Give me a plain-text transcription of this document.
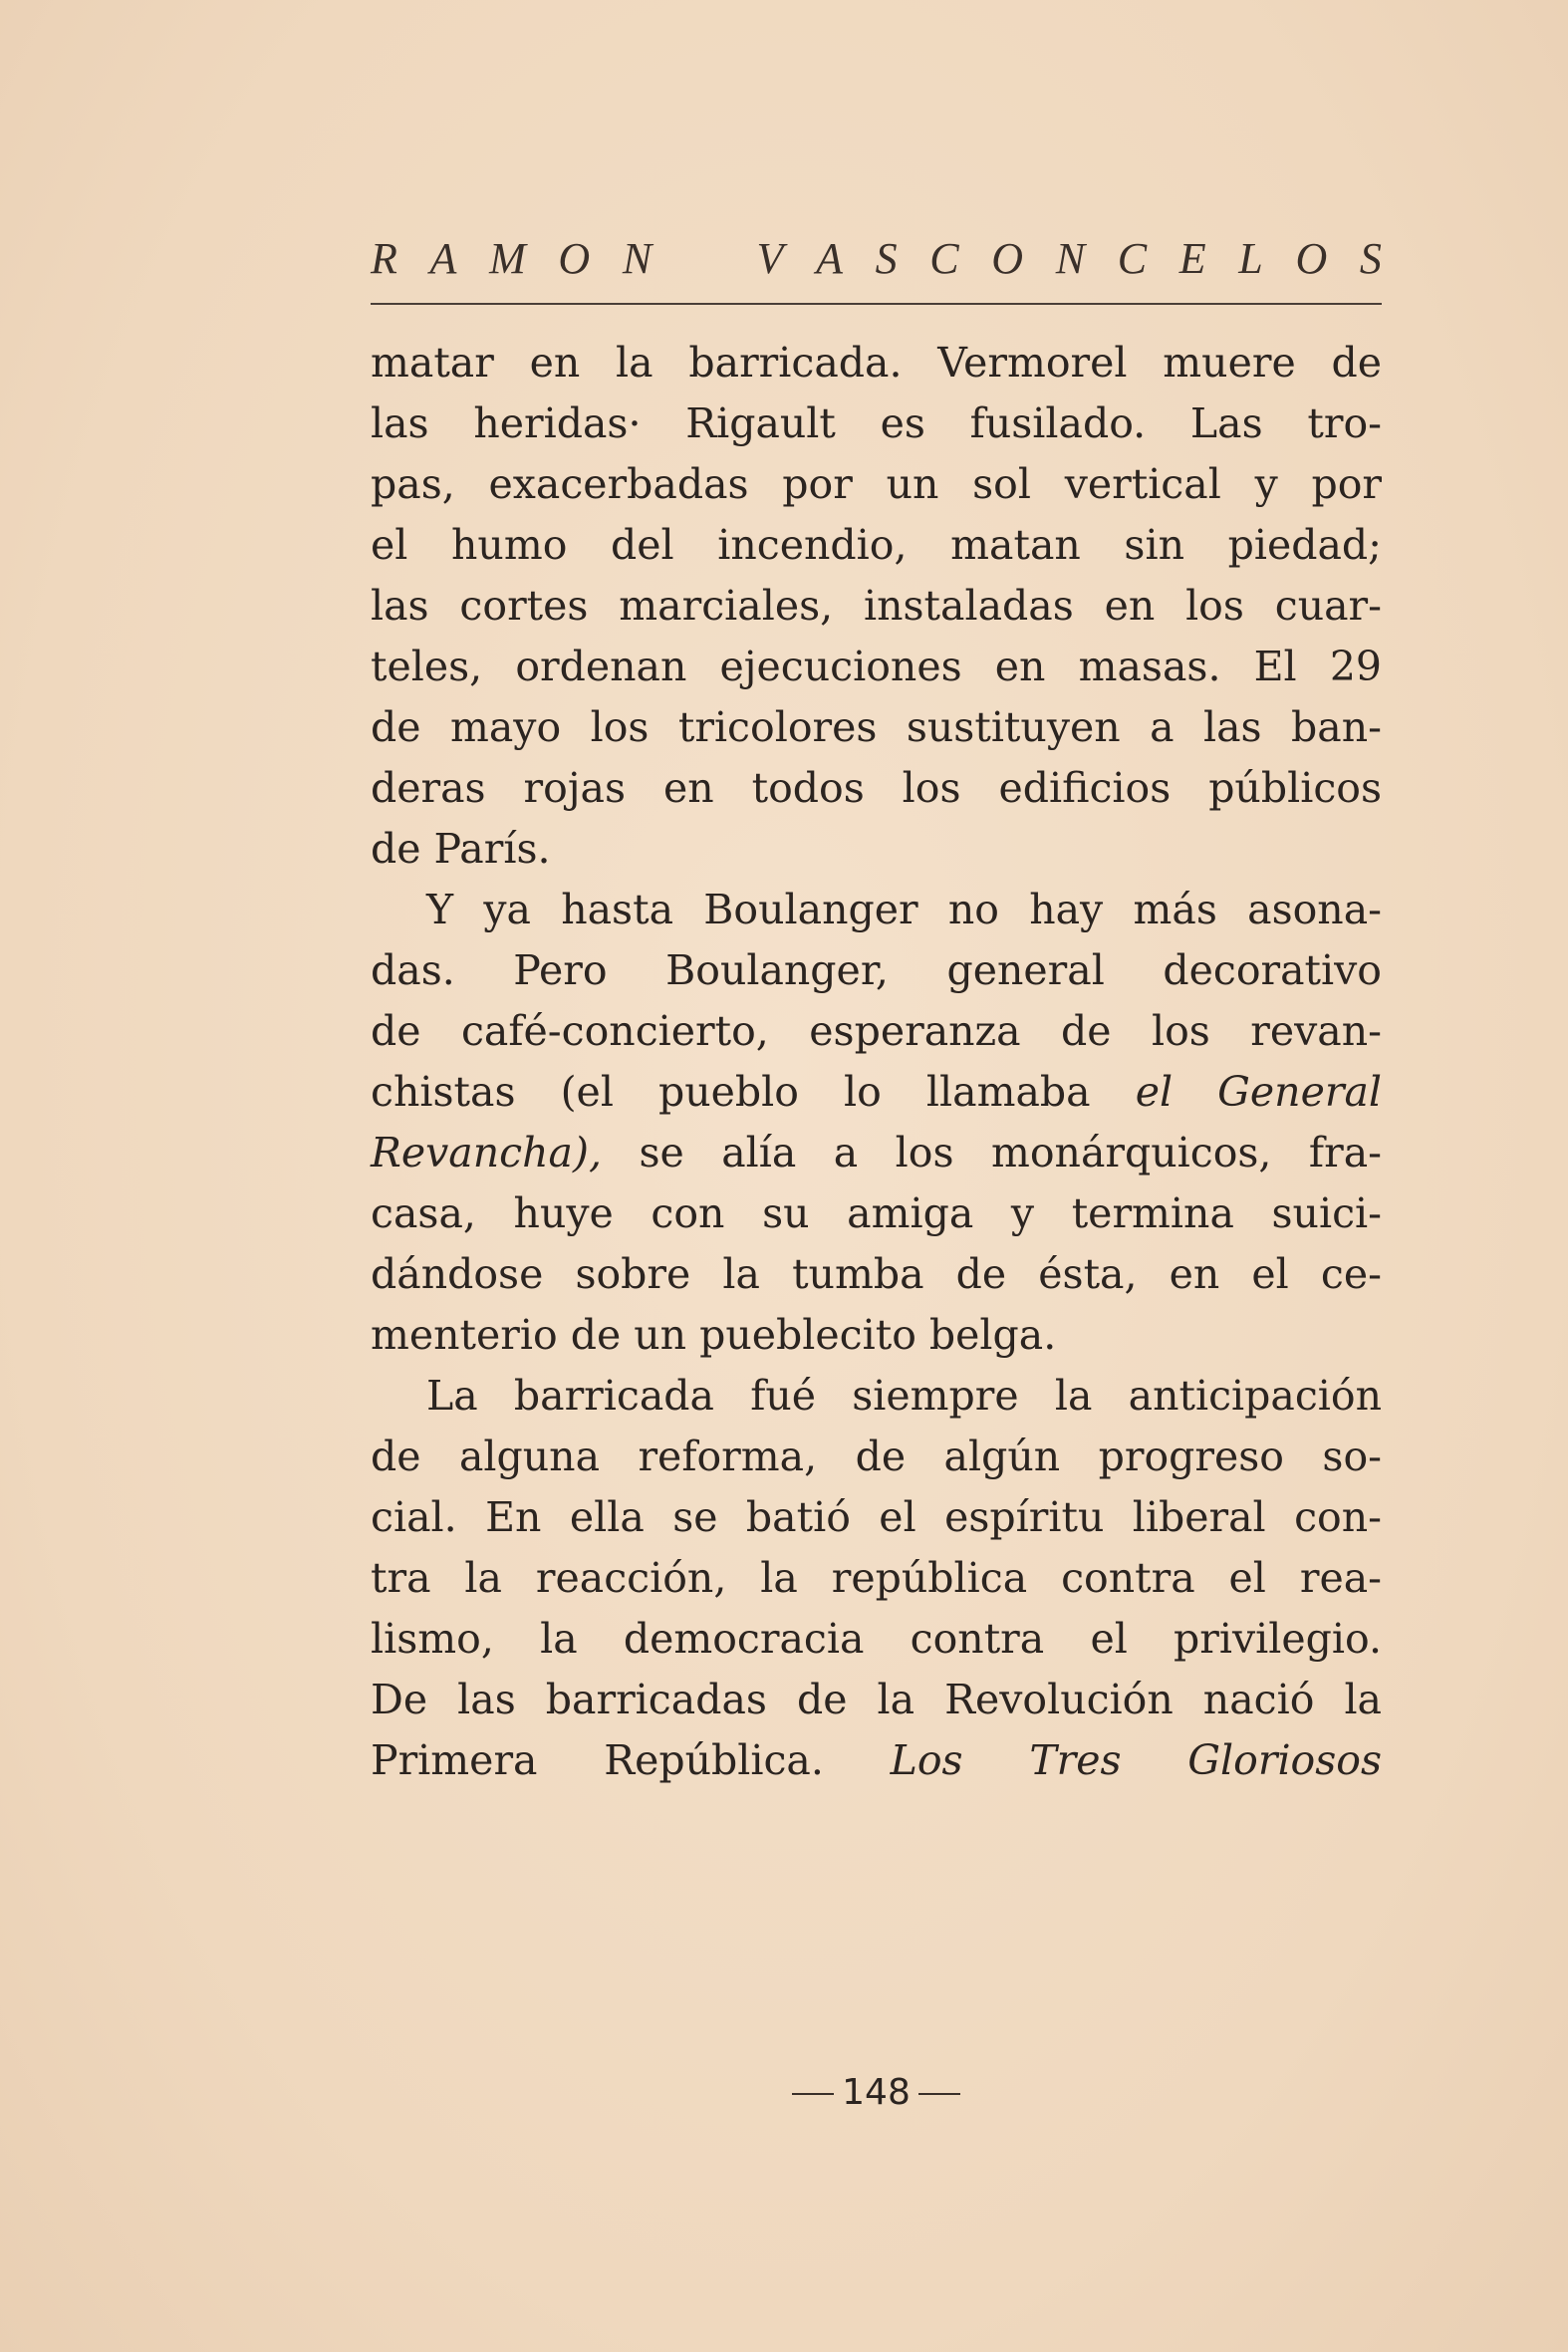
R A M O N V A S C O N C E L O S
matar en la barricada. Vermorel muere de
las heridas· Rigault es fusilado. Las tro-
pas, exacerbadas por un sol vertical y por
el humo del incendio, matan sin piedad;
las cortes marciales, instaladas en los cuar-
teles, ordenan ejecuciones en masas. El 29
de mayo los tricolores sustituyen a las ban-
deras rojas en todos los edificios públicos
de París.
Y ya hasta Boulanger no hay más asona-
das. Pero Boulanger, general decorativo
de café-concierto, esperanza de los revan-
chistas (el pueblo lo llamaba el General
Revancha), se alía a los monárquicos, fra-
casa, huye con su amiga y termina suici-
dándose sobre la tumba de ésta, en el ce-
menterio de un pueblecito belga.
La barricada fué siempre la anticipación
de alguna reforma, de algún progreso so-
cial. En ella se batió el espíritu liberal con-
tra la reacción, la república contra el rea-
lismo, la democracia contra el privilegio.
De las barricadas de la Revolución nació la
Primera República. Los Tres Gloriosos
148
